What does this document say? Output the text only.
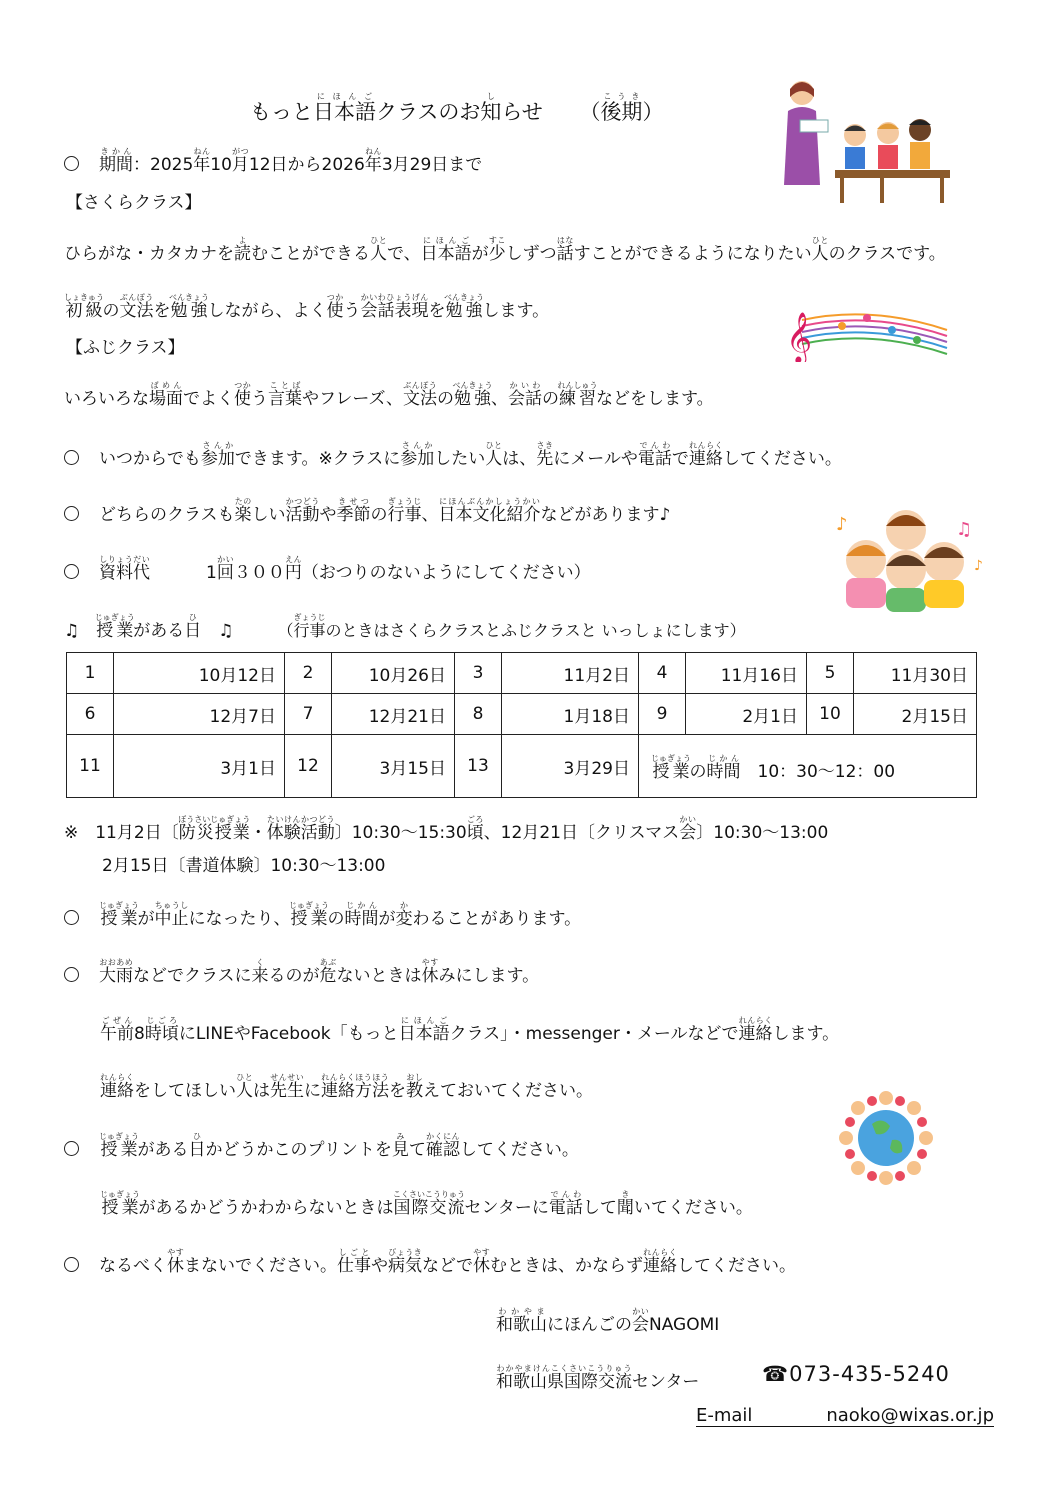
もっと日本語にほんごクラスのお知しらせ （後期こうき）
期間きかん：2025年ねん10月がつ12日から2026年ねん3月29日まで
【さくらクラス】
ひらがな・カタカナを読よむことができる人ひとで、日本語にほんごが少すこしずつ話はなすことができるようになりたい人ひとのクラスです。
初級しょきゅうの文法ぶんぽうを勉強べんきょうしながら、よく使つかう会話表現かいわひょうげんを勉強べんきょうします。
𝄞
【ふじクラス】
いろいろな場面ばめんでよく使つかう言葉ことばやフレーズ、文法ぶんぽうの勉強べんきょう、会話かいわの練習れんしゅうなどをします。
いつからでも参加さんかできます。※クラスに参加さんかしたい人ひとは、先さきにメールや電話でんわで連絡れんらくしてください。
どちらのクラスも楽たのしい活動かつどうや季節きせつの行事ぎょうじ、日本文化紹介にほんぶんかしょうかいなどがあります♪
資料代しりょうだい1回かい３００円えん（おつりのないようにしてください）
♪	♫
♪
♫　授業じゅぎょうがある日ひ　♫	（行事ぎょうじのときはさくらクラスとふじクラスと いっしょにします）
1	10月12日	2	10月26日	3	11月2日	4	11月16日	5	11月30日
6	12月7日	7	12月21日	8	1月18日	9	2月1日	10	2月15日
11	3月1日	12	3月15日	13	3月29日	授業じゅぎょうの時間じかん　10：30〜12：00			
※　11月2日〔防災授業ぼうさいじゅぎょう・体験活動たいけんかつどう〕10:30〜15:30頃ごろ、12月21日〔クリスマス会かい〕10:30〜13:00
2月15日〔書道体験〕10:30〜13:00
授業じゅぎょうが中止ちゅうしになったり、授業じゅぎょうの時間じかんが変かわることがあります。
大雨おおあめなどでクラスに来くるのが危あぶないときは休やすみにします。
午前ごぜん8時頃じごろにLINEやFacebook「もっと日本語にほんごクラス」・messenger・メールなどで連絡れんらくします。
連絡れんらくをしてほしい人ひとは先生せんせいに連絡方法れんらくほうほうを教おしえておいてください。
授業じゅぎょうがある日ひかどうかこのプリントを見みて確認かくにんしてください。
授業じゅぎょうがあるかどうかわからないときは国際交流こくさいこうりゅうセンターに電話でんわして聞きいてください。
なるべく休やすまないでください。仕事しごとや病気びょうきなどで休やすむときは、かならず連絡れんらくしてください。
和歌山わかやまにほんごの会かいNAGOMI
和歌山県国際交流わかやまけんこくさいこうりゅうセンター	☎073-435-5240
E-mail	naoko@wixas.or.jp
